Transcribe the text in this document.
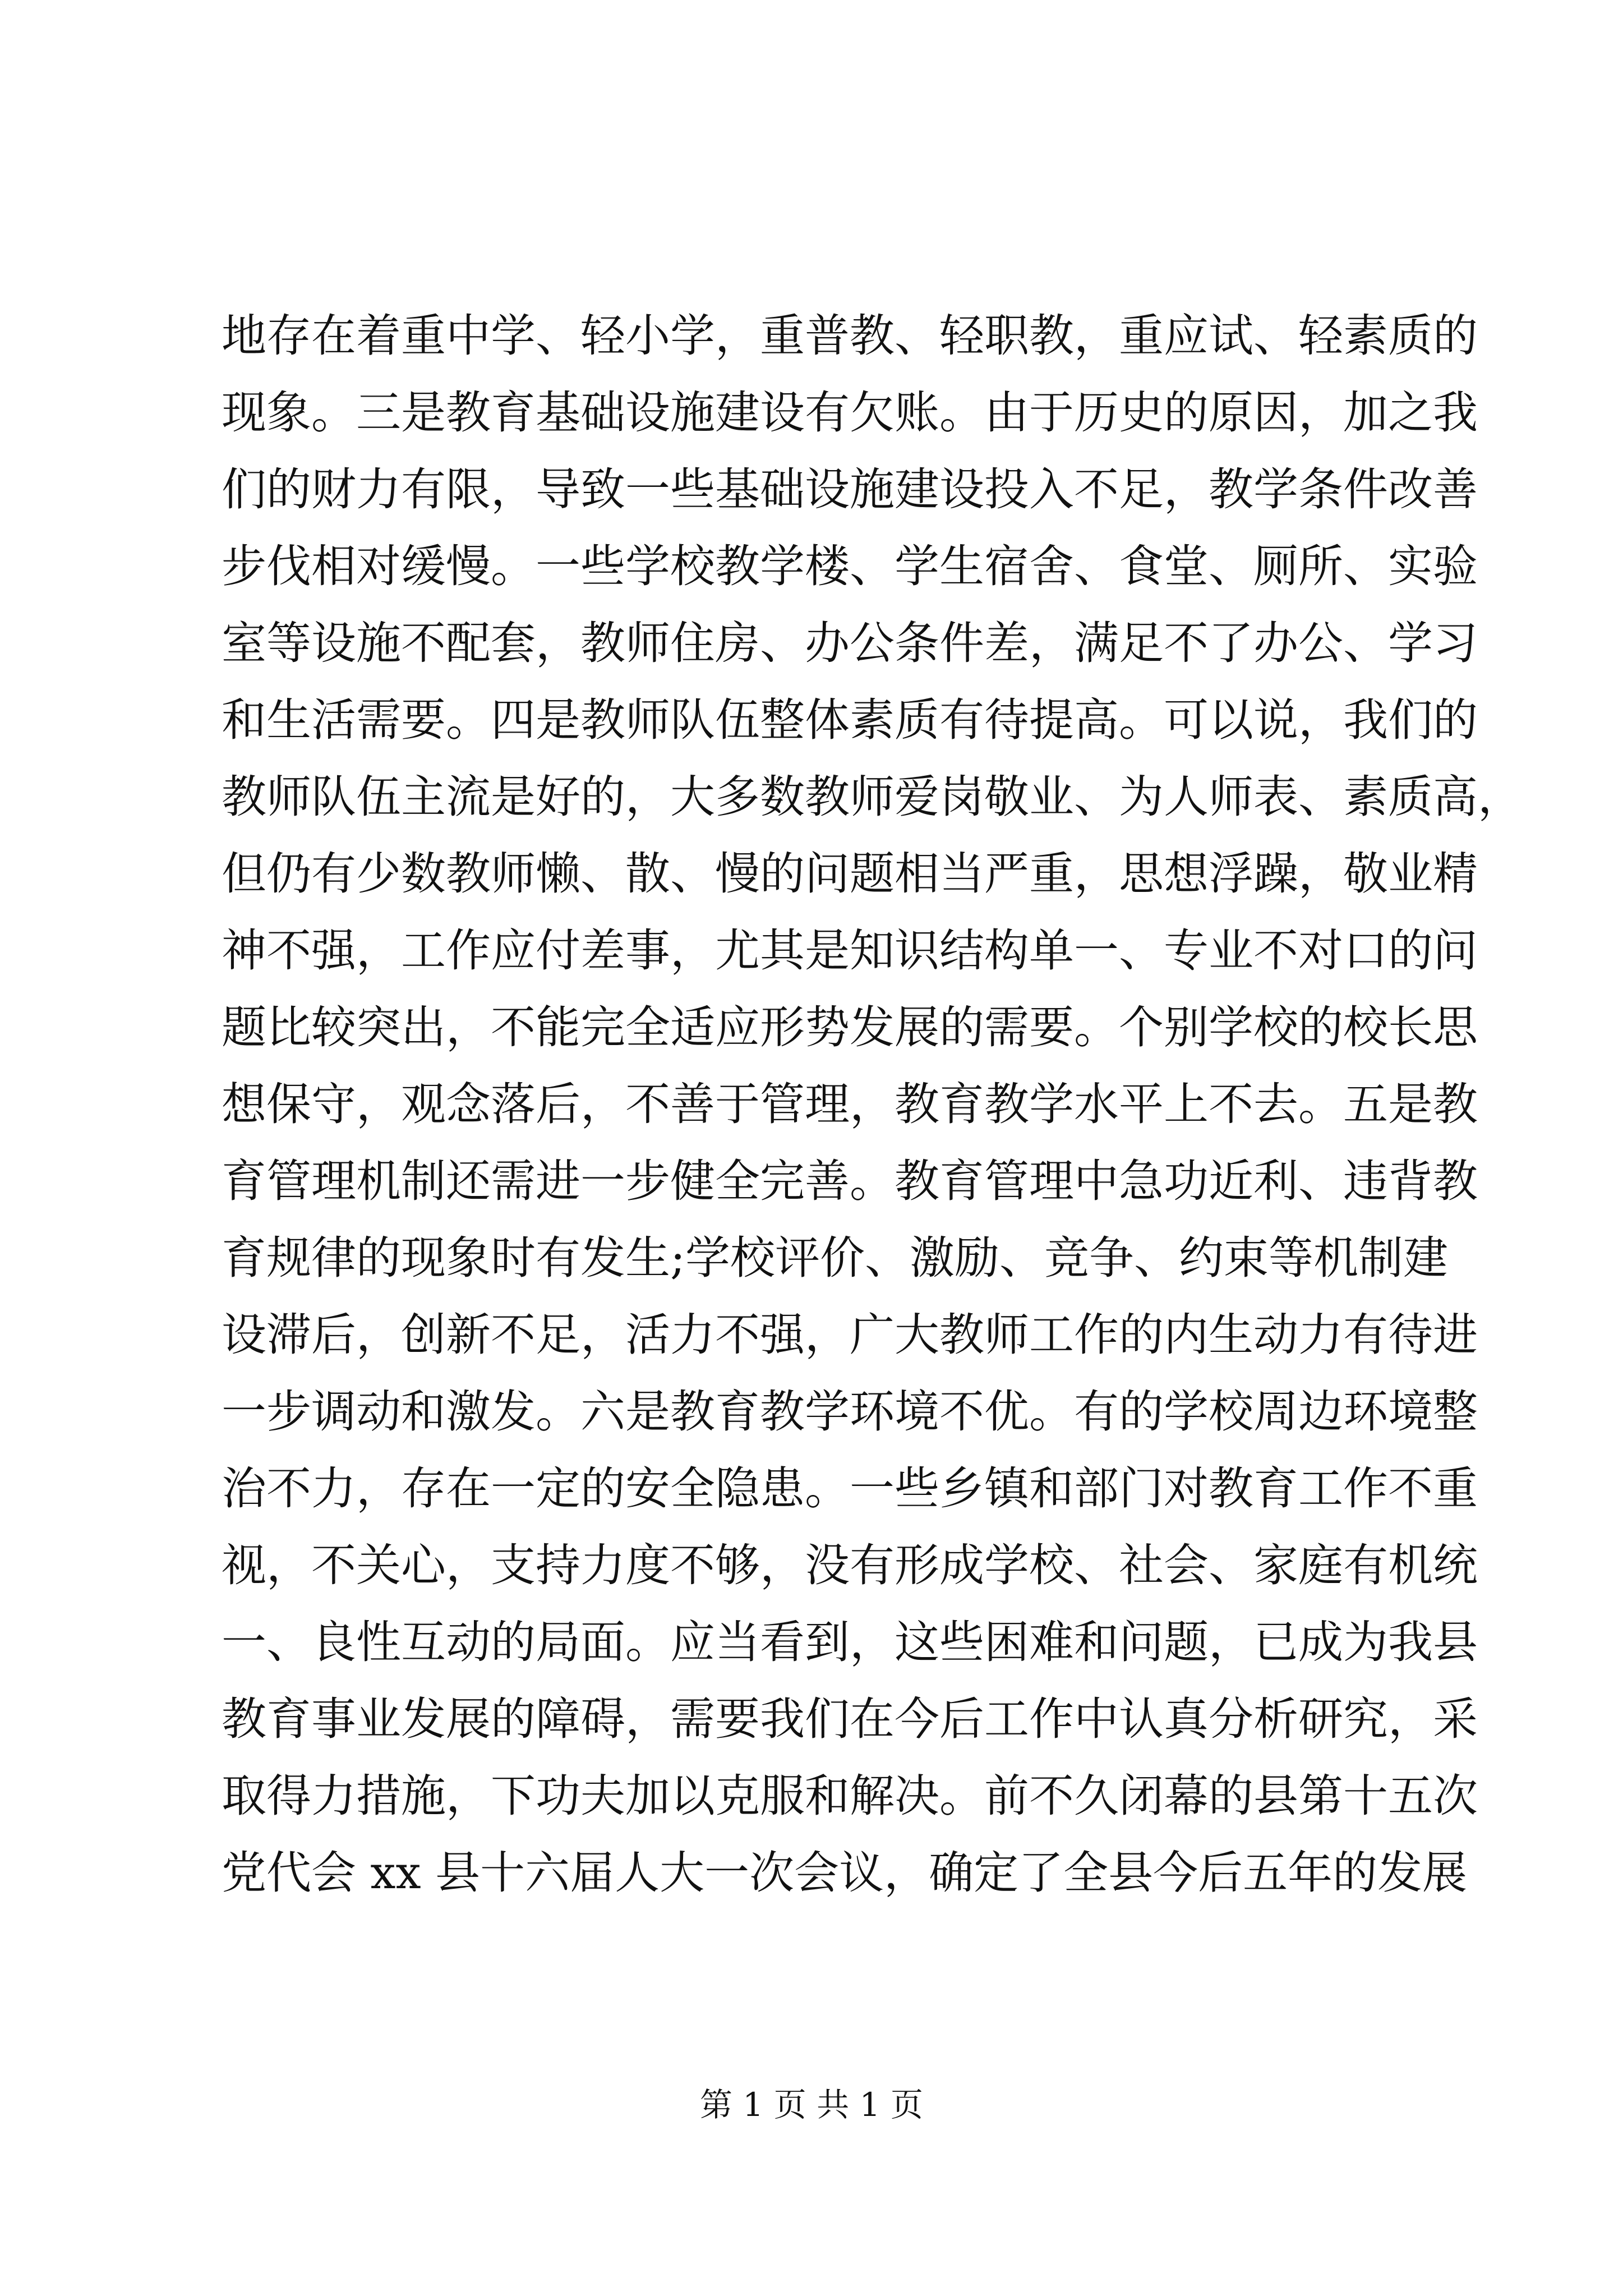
地存在着重中学、轻小学，重普教、轻职教，重应试、轻素质的
现象。三是教育基础设施建设有欠账。由于历史的原因，加之我
们的财力有限，导致一些基础设施建设投入不足，教学条件改善
步伐相对缓慢。一些学校教学楼、学生宿舍、食堂、厕所、实验
室等设施不配套，教师住房、办公条件差，满足不了办公、学习
和生活需要。四是教师队伍整体素质有待提高。可以说，我们的
教师队伍主流是好的，大多数教师爱岗敬业、为人师表、素质高，
但仍有少数教师懒、散、慢的问题相当严重，思想浮躁，敬业精
神不强，工作应付差事，尤其是知识结构单一、专业不对口的问
题比较突出，不能完全适应形势发展的需要。个别学校的校长思
想保守，观念落后，不善于管理，教育教学水平上不去。五是教
育管理机制还需进一步健全完善。教育管理中急功近利、违背教
育规律的现象时有发生;学校评价、激励、竞争、约束等机制建
设滞后，创新不足，活力不强，广大教师工作的内生动力有待进
一步调动和激发。六是教育教学环境不优。有的学校周边环境整
治不力，存在一定的安全隐患。一些乡镇和部门对教育工作不重
视，不关心，支持力度不够，没有形成学校、社会、家庭有机统
一、良性互动的局面。应当看到，这些困难和问题，已成为我县
教育事业发展的障碍，需要我们在今后工作中认真分析研究，采
取得力措施，下功夫加以克服和解决。前不久闭幕的县第十五次
党代会 xx 县十六届人大一次会议，确定了全县今后五年的发展
第 1 页 共 1 页
